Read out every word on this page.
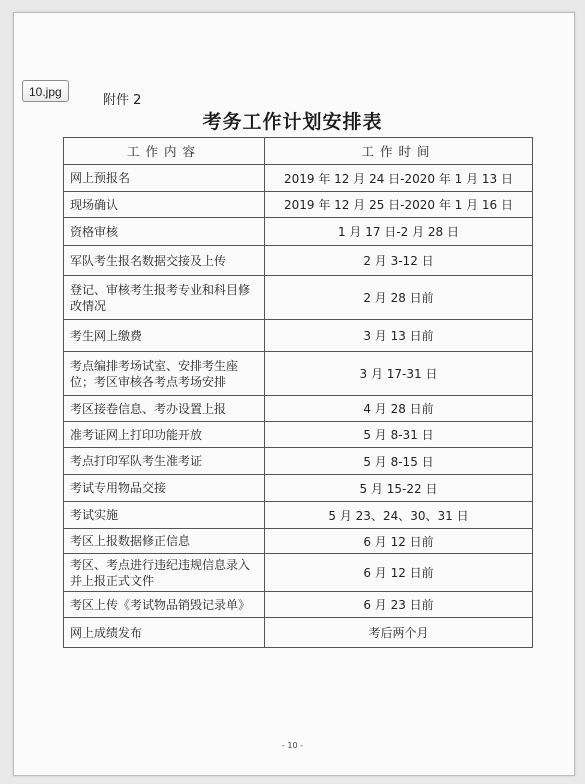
10.jpg
附件 2
考务工作计划安排表
工作内容	工作时间
网上预报名	2019 年 12 月 24 日-2020 年 1 月 13 日
现场确认	2019 年 12 月 25 日-2020 年 1 月 16 日
资格审核	1 月 17 日-2 月 28 日
军队考生报名数据交接及上传	2 月 3-12 日
登记、审核考生报考专业和科目修改情况	2 月 28 日前
考生网上缴费	3 月 13 日前
考点编排考场试室、安排考生座位；考区审核各考点考场安排	3 月 17-31 日
考区接卷信息、考办设置上报	4 月 28 日前
准考证网上打印功能开放	5 月 8-31 日
考点打印军队考生准考证	5 月 8-15 日
考试专用物品交接	5 月 15-22 日
考试实施	5 月 23、24、30、31 日
考区上报数据修正信息	6 月 12 日前
考区、考点进行违纪违规信息录入并上报正式文件	6 月 12 日前
考区上传《考试物品销毁记录单》	6 月 23 日前
网上成绩发布	考后两个月
- 10 -
